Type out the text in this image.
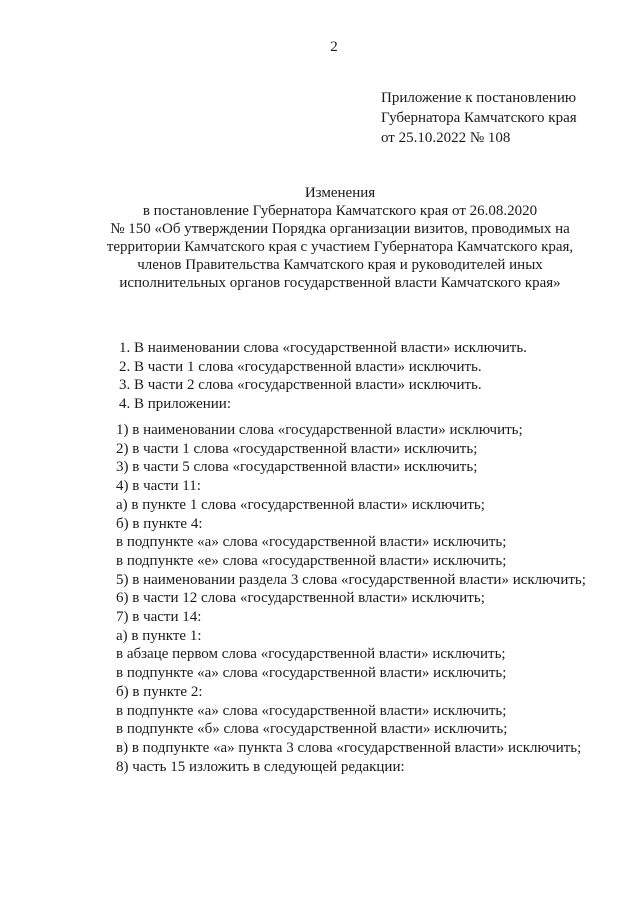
2
Приложение к постановлению
Губернатора Камчатского края
от 25.10.2022 № 108
Изменения
в постановление Губернатора Камчатского края от 26.08.2020
№ 150 «Об утверждении Порядка организации визитов, проводимых на
территории Камчатского края с участием Губернатора Камчатского края,
членов Правительства Камчатского края и руководителей иных
исполнительных органов государственной власти Камчатского края»
1. В наименовании слова «государственной власти» исключить.
2. В части 1 слова «государственной власти» исключить.
3. В части 2 слова «государственной власти» исключить.
4. В приложении:
1) в наименовании слова «государственной власти» исключить;
2) в части 1 слова «государственной власти» исключить;
3) в части 5 слова «государственной власти» исключить;
4) в части 11:
а) в пункте 1 слова «государственной власти» исключить;
б) в пункте 4:
в подпункте «а» слова «государственной власти» исключить;
в подпункте «е» слова «государственной власти» исключить;
5) в наименовании раздела 3 слова «государственной власти» исключить;
6) в части 12 слова «государственной власти» исключить;
7) в части 14:
а) в пункте 1:
в абзаце первом слова «государственной власти» исключить;
в подпункте «а» слова «государственной власти» исключить;
б) в пункте 2:
в подпункте «а» слова «государственной власти» исключить;
в подпункте «б» слова «государственной власти» исключить;
в) в подпункте «а» пункта 3 слова «государственной власти» исключить;
8) часть 15 изложить в следующей редакции:
